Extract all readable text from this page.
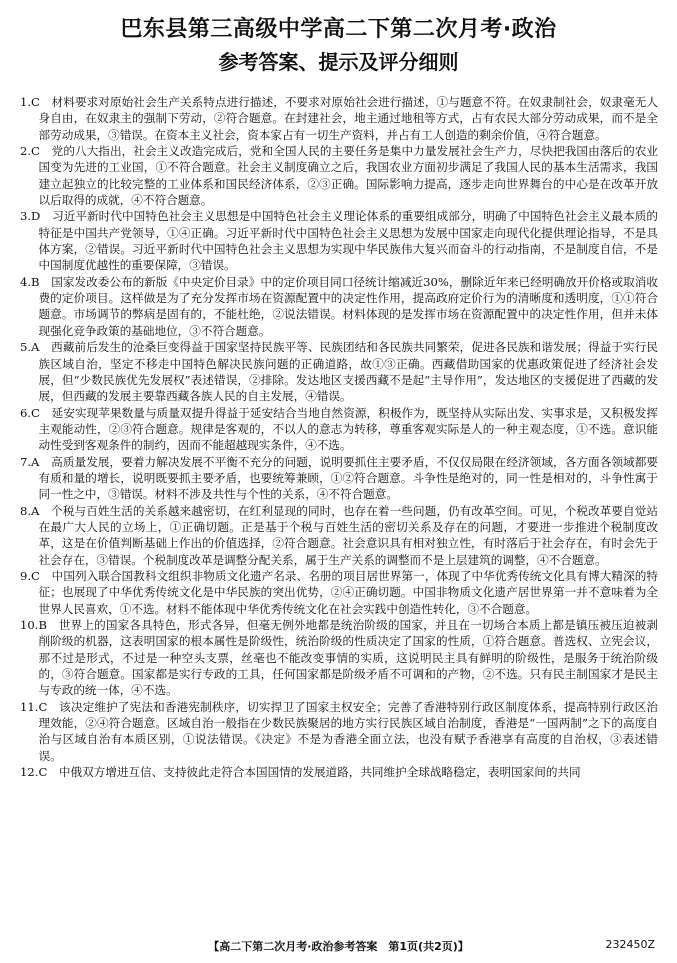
巴东县第三高级中学高二下第二次月考·政治
参考答案、提示及评分细则

1.C　材料要求对原始社会生产关系特点进行描述，不要求对原始社会进行描述，①与题意不符。在奴隶制社会，奴隶毫无人身自由，在奴隶主的强制下劳动，②符合题意。在封建社会，地主通过地租等方式，占有农民大部分劳动成果，而不是全部劳动成果，③错误。在资本主义社会，资本家占有一切生产资料，并占有工人创造的剩余价值，④符合题意。

2.C　党的八大指出，社会主义改造完成后，党和全国人民的主要任务是集中力量发展社会生产力，尽快把我国由落后的农业国变为先进的工业国，①不符合题意。社会主义制度确立之后，我国农业方面初步满足了我国人民的基本生活需求，我国建立起独立的比较完整的工业体系和国民经济体系，②③正确。国际影响力提高，逐步走向世界舞台的中心是在改革开放以后取得的成就，④不符合题意。

3.D　习近平新时代中国特色社会主义思想是中国特色社会主义理论体系的重要组成部分，明确了中国特色社会主义最本质的特征是中国共产党领导，①④正确。习近平新时代中国特色社会主义思想为发展中国家走向现代化提供理论指导，不是具体方案，②错误。习近平新时代中国特色社会主义思想为实现中华民族伟大复兴而奋斗的行动指南，不是制度自信，不是中国制度优越性的重要保障，③错误。

4.B　国家发改委公布的新版《中央定价目录》中的定价项目同口径统计缩减近30%，删除近年来已经明确放开价格或取消收费的定价项目。这样做是为了充分发挥市场在资源配置中的决定性作用，提高政府定价行为的清晰度和透明度，①①符合题意。市场调节的弊病是固有的，不能杜绝，②说法错误。材料体现的是发挥市场在资源配置中的决定性作用，但并未体现强化竞争政策的基础地位，③不符合题意。

5.A　西藏前后发生的沧桑巨变得益于国家坚持民族平等、民族团结和各民族共同繁荣，促进各民族和谐发展；得益于实行民族区域自治，坚定不移走中国特色解决民族问题的正确道路，故①③正确。西藏借助国家的优惠政策促进了经济社会发展，但“少数民族优先发展权”表述错误，②排除。发达地区支援西藏不是起“主导作用”，发达地区的支援促进了西藏的发展，但西藏的发展主要靠西藏各族人民的自主发展，④错误。

6.C　延安实现苹果数量与质量双提升得益于延安结合当地自然资源，积极作为，既坚持从实际出发、实事求是，又积极发挥主观能动性，②③符合题意。规律是客观的，不以人的意志为转移，尊重客观实际是人的一种主观态度，①不选。意识能动性受到客观条件的制约，因而不能超越现实条件，④不选。

7.A　高质量发展，要着力解决发展不平衡不充分的问题，说明要抓住主要矛盾，不仅仅局限在经济领域，各方面各领域都要有质和量的增长，说明既要抓主要矛盾，也要统筹兼顾，①②符合题意。斗争性是绝对的，同一性是相对的，斗争性寓于同一性之中，③错误。材料不涉及共性与个性的关系，④不符合题意。

8.A　个税与百姓生活的关系越来越密切，在红利显现的同时，也存在着一些问题，仍有改革空间。可见，个税改革要自觉站在最广大人民的立场上，①正确切题。正是基于个税与百姓生活的密切关系及存在的问题，才要进一步推进个税制度改革，这是在价值判断基础上作出的价值选择，②符合题意。社会意识具有相对独立性，有时落后于社会存在，有时会先于社会存在，③错误。个税制度改革是调整分配关系，属于生产关系的调整而不是上层建筑的调整，④不合题意。

9.C　中国列入联合国教科文组织非物质文化遗产名录、名册的项目居世界第一，体现了中华优秀传统文化具有博大精深的特征；也展现了中华优秀传统文化是中华民族的突出优势，②④正确切题。中国非物质文化遗产居世界第一并不意味着为全世界人民喜欢，①不选。材料不能体现中华优秀传统文化在社会实践中创造性转化，③不合题意。

10.B　世界上的国家各具特色，形式各异，但毫无例外地都是统治阶级的国家，并且在一切场合本质上都是镇压被压迫被剥削阶级的机器，这表明国家的根本属性是阶级性，统治阶级的性质决定了国家的性质，①符合题意。普选权、立宪会议，那不过是形式，不过是一种空头支票，丝毫也不能改变事情的实质，这说明民主具有鲜明的阶级性，是服务于统治阶级的，③符合题意。国家都是实行专政的工具，任何国家都是阶级矛盾不可调和的产物，②不选。只有民主制国家才是民主与专政的统一体，④不选。

11.C　该决定维护了宪法和香港宪制秩序，切实捍卫了国家主权安全；完善了香港特别行政区制度体系，提高特别行政区治理效能，②④符合题意。区域自治一般指在少数民族聚居的地方实行民族区域自治制度，香港是“一国两制”之下的高度自治与区域自治有本质区别，①说法错误。《决定》不是为香港全面立法，也没有赋予香港享有高度的自治权，③表述错误。

12.C　中俄双方增进互信、支持彼此走符合本国国情的发展道路，共同维护全球战略稳定，表明国家间的共同

【高二下第二次月考·政治参考答案　第1页(共2页)】	232450Z
